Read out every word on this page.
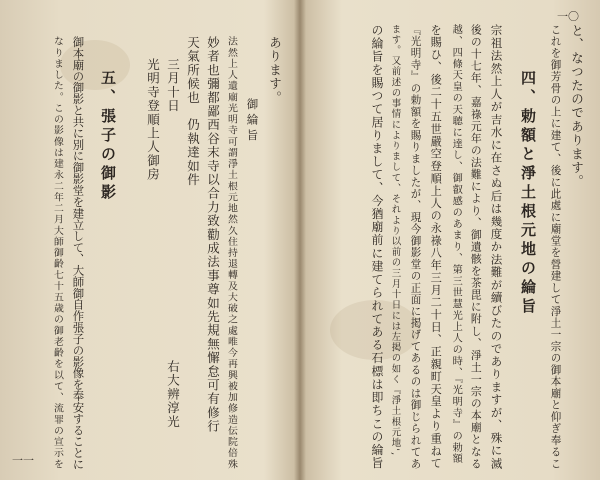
一〇
と、なつたのであります。
これを御芳骨の上に建て、後に此處に廟堂を營建して淨土一宗の御本廟と仰ぎ奉るこ
四、勅額と淨土根元地の綸旨
宗祖法然上人が吉水に在さぬ后は幾度か法難が續びたのでありますが、殊に滅
後の十七年、嘉祿元年の法難により、御遺骸を茶毘に附し、淨土一宗の本廟となる
越、四條天皇の天聴に達し、御叡感のあまり、第三世慧光上人の時、『光明寺』の勅額
を賜ひ、後二十五世嚴空登順上人の永祿八年三月二十日、正親町天皇より重ねて
『光明寺』の勅額を賜りましたが、現今御影堂の正面に掲げてあるのは御じられてあ
ます。又前述の事情によりまして、それより以前の三月十日には左掲の如く『淨土根元地',
の綸旨を賜つて居りまして、今猶廟前に建てられてある石標は即ちこの綸旨
一一
あります。
御綸旨
法然上人遺廟光明寺可謂淨土根元地然久住持退轉及大破之處唯今再興被加修造伝院倍殊
妙者也彌都鄙西谷末寺以合力致勸成法事尊如先規無懈怠可有修行
天氣所候也　仍執達如件
三月十日
右大辨淳光
光明寺登順上人御房
五、張子の御影
御本廟の御影と共に別に御影堂を建立して、大師御自作張子の影像を奉安することに
なりました。この影像は建永二年二月大師御齡七十五歳の御老齡を以て、流罪の宣示を
